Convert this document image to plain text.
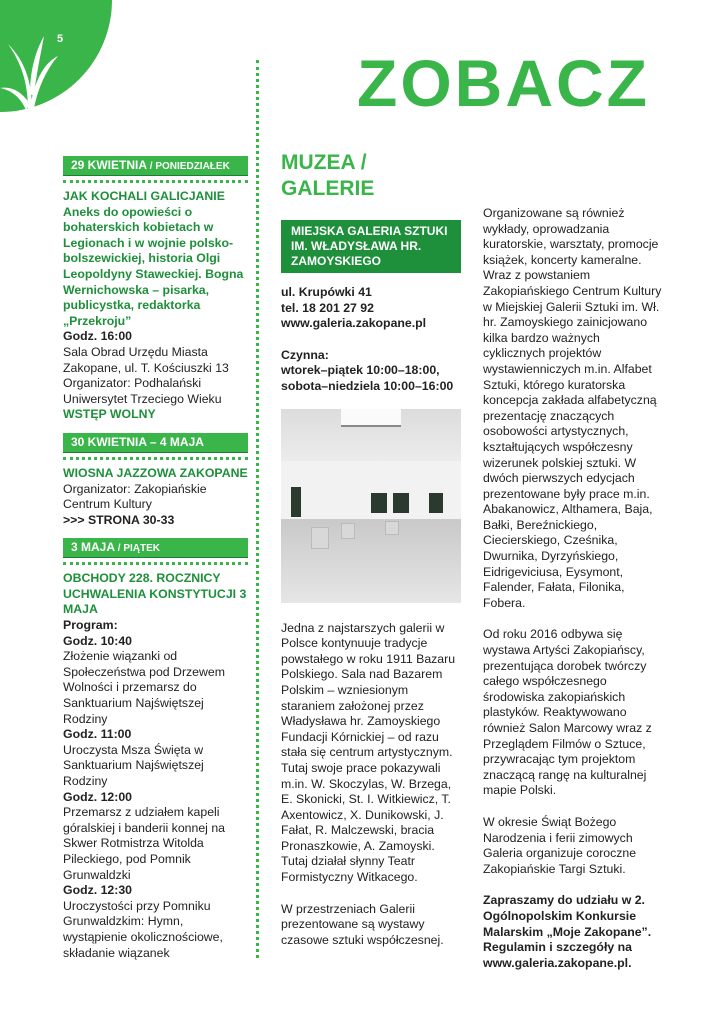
5
ZOBACZ
29 KWIETNIA / PONIEDZIAŁEK
JAK KOCHALI GALICJANIE
Aneks do opowieści o bohaterskich kobietach w Legionach i w wojnie polsko-bolszewickiej, historia Olgi Leopoldyny Staweckiej. Bogna Wernichowska – pisarka, publicystka, redaktorka „Przekroju”
Godz. 16:00
Sala Obrad Urzędu Miasta Zakopane, ul. T. Kościuszki 13
Organizator: Podhalański Uniwersytet Trzeciego Wieku
WSTĘP WOLNY
30 KWIETNIA – 4 MAJA
WIOSNA JAZZOWA ZAKOPANE
Organizator: Zakopiańskie Centrum Kultury
>>> STRONA 30-33
3 MAJA / PIĄTEK
OBCHODY 228. ROCZNICY UCHWALENIA KONSTYTUCJI 3 MAJA
Program:
Godz. 10:40
Złożenie wiązanki od Społeczeństwa pod Drzewem Wolności i przemarsz do Sanktuarium Najświętszej Rodziny
Godz. 11:00
Uroczysta Msza Święta w Sanktuarium Najświętszej Rodziny
Godz. 12:00
Przemarsz z udziałem kapeli góralskiej i banderii konnej na Skwer Rotmistrza Witolda Pileckiego, pod Pomnik Grunwaldzki
Godz. 12:30
Uroczystości przy Pomniku Grunwaldzkim: Hymn, wystąpienie okolicznościowe, składanie wiązanek
MUZEA / GALERIE
MIEJSKA GALERIA SZTUKI IM. WŁADYSŁAWA HR. ZAMOYSKIEGO
ul. Krupówki 41
tel. 18 201 27 92
www.galeria.zakopane.pl
Czynna:
wtorek–piątek 10:00–18:00,
sobota–niedziela 10:00–16:00
Jedna z najstarszych galerii w Polsce kontynuuje tradycje powstałego w roku 1911 Bazaru Polskiego. Sala nad Bazarem Polskim – wzniesionym staraniem założonej przez Władysława hr. Zamoyskiego Fundacji Kórnickiej – od razu stała się centrum artystycznym. Tutaj swoje prace pokazywali m.in. W. Skoczylas, W. Brzega, E. Skonicki, St. I. Witkiewicz, T. Axentowicz, X. Dunikowski, J. Fałat, R. Malczewski, bracia Pronaszkowie, A. Zamoyski. Tutaj działał słynny Teatr Formistyczny Witkacego.
W przestrzeniach Galerii prezentowane są wystawy czasowe sztuki współczesnej.
Organizowane są również wykłady, oprowadzania kuratorskie, warsztaty, promocje książek, koncerty kameralne. Wraz z powstaniem Zakopiańskiego Centrum Kultury w Miejskiej Galerii Sztuki im. Wł. hr. Zamoyskiego zainicjowano kilka bardzo ważnych cyklicznych projektów wystawienniczych m.in. Alfabet Sztuki, którego kuratorska koncepcja zakłada alfabetyczną prezentację znaczących osobowości artystycznych, kształtujących współczesny wizerunek polskiej sztuki. W dwóch pierwszych edycjach prezentowane były prace m.in. Abakanowicz, Althamera, Baja, Bałki, Bereźnickiego, Ciecierskiego, Cześnika, Dwurnika, Dyrzyńskiego, Eidrigeviciusa, Eysymont, Falender, Fałata, Filonika, Fobera.
Od roku 2016 odbywa się wystawa Artyści Zakopiańscy, prezentująca dorobek twórczy całego współczesnego środowiska zakopiańskich plastyków. Reaktywowano również Salon Marcowy wraz z Przeglądem Filmów o Sztuce, przywracając tym projektom znaczącą rangę na kulturalnej mapie Polski.
W okresie Świąt Bożego Narodzenia i ferii zimowych Galeria organizuje coroczne Zakopiańskie Targi Sztuki.
Zapraszamy do udziału w 2. Ogólnopolskim Konkursie Malarskim „Moje Zakopane”. Regulamin i szczegóły na www.galeria.zakopane.pl.
